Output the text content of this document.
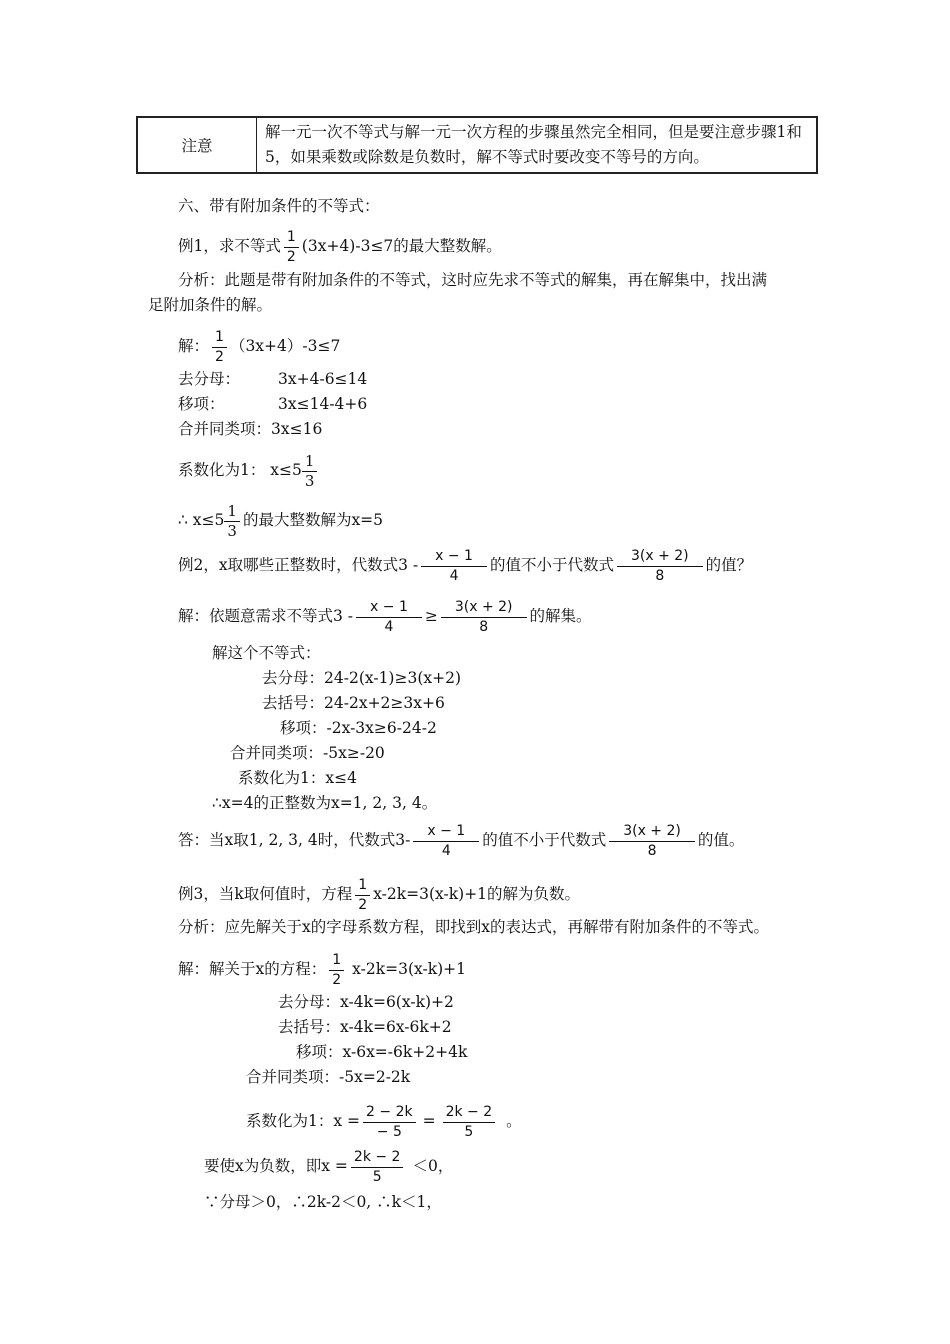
注意	解一元一次不等式与解一元一次方程的步骤虽然完全相同，但是要注意步骤1和5，如果乘数或除数是负数时，解不等式时要改变不等号的方向。
六、带有附加条件的不等式：
例1，求不等式 $\frac{1}{2} (3x+4)-3\le 7$的最大整数解。
分析：此题是带有附加条件的不等式，这时应先求不等式的解集，再在解集中，找出满
足附加条件的解。
解： $\frac{1}{2} (3x+4)-3\le 7$
去分母： 3x+4-6≤14
移项：	3x≤14-4+6
合并同类项：3x≤16
系数化为1： $x\le 5 \frac{1}{3}$
∴ $x\le 5 \frac{1}{3}$ 的最大整数解为x=5
例2，x取哪些正整数时，代数式$3 - \frac{x - 1}{4}$ 的值不小于代数式 $\frac{3(x + 2)}{8}$ 的值？
解：依题意需求不等式$3 - \frac{x - 1}{4} \ge \frac{3(x + 2)}{8}$ 的解集。
解这个不等式：
去分母：24-2(x-1)≥3(x+2)
去括号：24-2x+2≥3x+6
移项：-2x-3x≥6-24-2
合并同类项：-5x≥-20
系数化为1：x≤4
∴x=4的正整数为x=1, 2, 3, 4。
答：当x取1, 2, 3, 4时，代数式$3- \frac{x - 1}{4}$ 的值不小于代数式 $\frac{3(x + 2)}{8}$ 的值。
例3，当k取何值时，方程 $\frac{1}{2} x-2k=3(x-k)+1$的解为负数。
分析：应先解关于x的字母系数方程，即找到x的表达式，再解带有附加条件的不等式。
解：解关于x的方程： $\frac{1}{2} x-2k=3(x-k)+1$
去分母：x-4k=6(x-k)+2
去括号：x-4k=6x-6k+2
移项：x-6x=-6k+2+4k
合并同类项：-5x=2-2k
系数化为1：$x = \frac{2 - 2k}{- 5} = \frac{2k - 2}{5}$ 。
要使x为负数，即$x = \frac{2k - 2}{5} <0$，
∵分母＞0，∴2k-2＜0, ∴k＜1，
